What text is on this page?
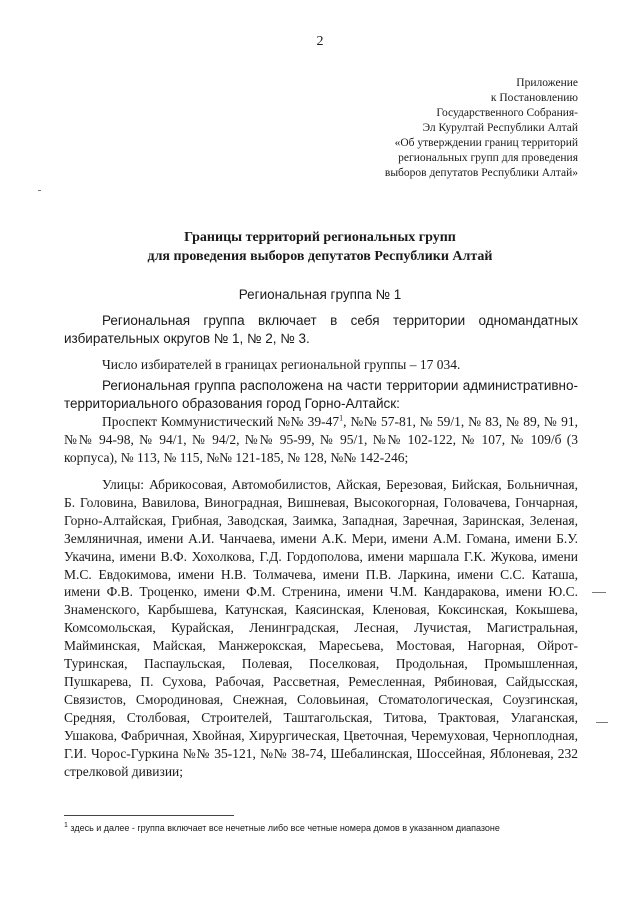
2
Приложение
к Постановлению
Государственного Собрания-
Эл Курултай Республики Алтай
«Об утверждении границ территорий
региональных групп для проведения
выборов депутатов Республики Алтай»
Границы территорий региональных групп
для проведения выборов депутатов Республики Алтай
Региональная группа № 1
Региональная группа включает в себя территории одномандатных избирательных округов № 1, № 2, № 3.
Число избирателей в границах региональной группы – 17 034.
Региональная группа расположена на части территории административно-территориального образования город Горно-Алтайск:
Проспект Коммунистический №№ $39-47^1$, №№ 57-81, № 59/1, № 83, № 89, № 91, №№ 94-98, № 94/1, № 94/2, №№ 95-99, № 95/1, №№ 102-122, № 107, № 109/б (3 корпуса), № 113, № 115, №№ 121-185, № 128, №№ 142-246;
Улицы: Абрикосовая, Автомобилистов, Айская, Березовая, Бийская, Больничная, Б. Головина, Вавилова, Виноградная, Вишневая, Высокогорная, Головачева, Гончарная, Горно-Алтайская, Грибная, Заводская, Заимка, Западная, Заречная, Заринская, Зеленая, Земляничная, имени А.И. Чанчаева, имени А.К. Мери, имени А.М. Гомана, имени Б.У. Укачина, имени В.Ф. Хохолкова, Г.Д. Гордополова, имени маршала Г.К. Жукова, имени М.С. Евдокимова, имени Н.В. Толмачева, имени П.В. Ларкина, имени С.С. Каташа, имени Ф.В. Троценко, имени Ф.М. Стренина, имени Ч.М. Кандаракова, имени Ю.С. Знаменского, Карбышева, Катунская, Каясинская, Кленовая, Коксинская, Кокышева, Комсомольская, Курайская, Ленинградская, Лесная, Лучистая, Магистральная, Майминская, Майская, Манжерокская, Маресьева, Мостовая, Нагорная, Ойрот-Туринская, Паспаульская, Полевая, Поселковая, Продольная, Промышленная, Пушкарева, П. Сухова, Рабочая, Рассветная, Ремесленная, Рябиновая, Сайдысская, Связистов, Смородиновая, Снежная, Соловьиная, Стоматологическая, Соузгинская, Средняя, Столбовая, Строителей, Таштагольская, Титова, Трактовая, Улаганская, Ушакова, Фабричная, Хвойная, Хирургическая, Цветочная, Черемуховая, Черноплодная, Г.И. Чорос-Гуркина №№ 35-121, №№ 38-74, Шебалинская, Шоссейная, Яблоневая, 232 стрелковой дивизии;
$^1$ здесь и далее - группа включает все нечетные либо все четные номера домов в указанном диапазоне
